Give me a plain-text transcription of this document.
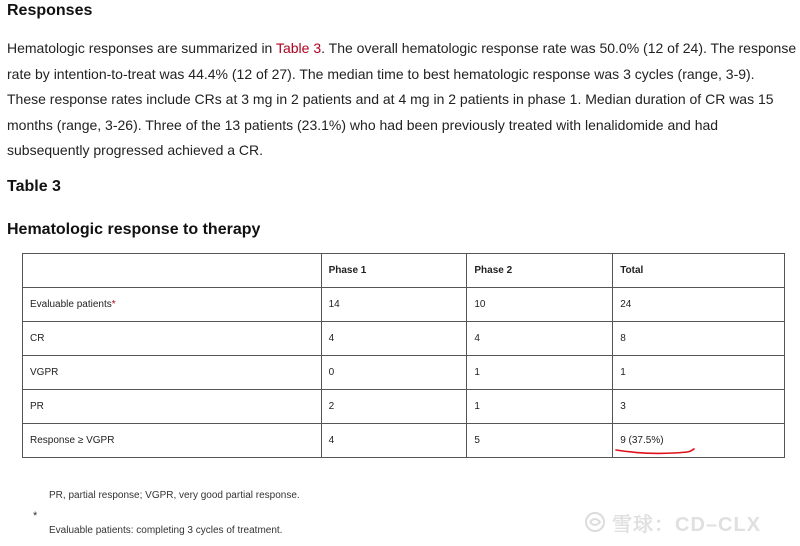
Responses

Hematologic responses are summarized in Table 3. The overall hematologic response rate was 50.0% (12 of 24). The response rate by intention-to-treat was 44.4% (12 of 27). The median time to best hematologic response was 3 cycles (range, 3-9). These response rates include CRs at 3 mg in 2 patients and at 4 mg in 2 patients in phase 1. Median duration of CR was 15 months (range, 3-26). Three of the 13 patients (23.1%) who had been previously treated with lenalidomide and had subsequently progressed achieved a CR.

Table 3
Hematologic response to therapy
	Phase 1	Phase 2	Total
Evaluable patients*	14	10	24
CR	4	4	8
VGPR	0	1	1
PR	2	1	3
Response ≥ VGPR	4	5	9 (37.5%)

PR, partial response; VGPR, very good partial response.

*

Evaluable patients: completing 3 cycles of treatment.	雪球：CD–CLX
